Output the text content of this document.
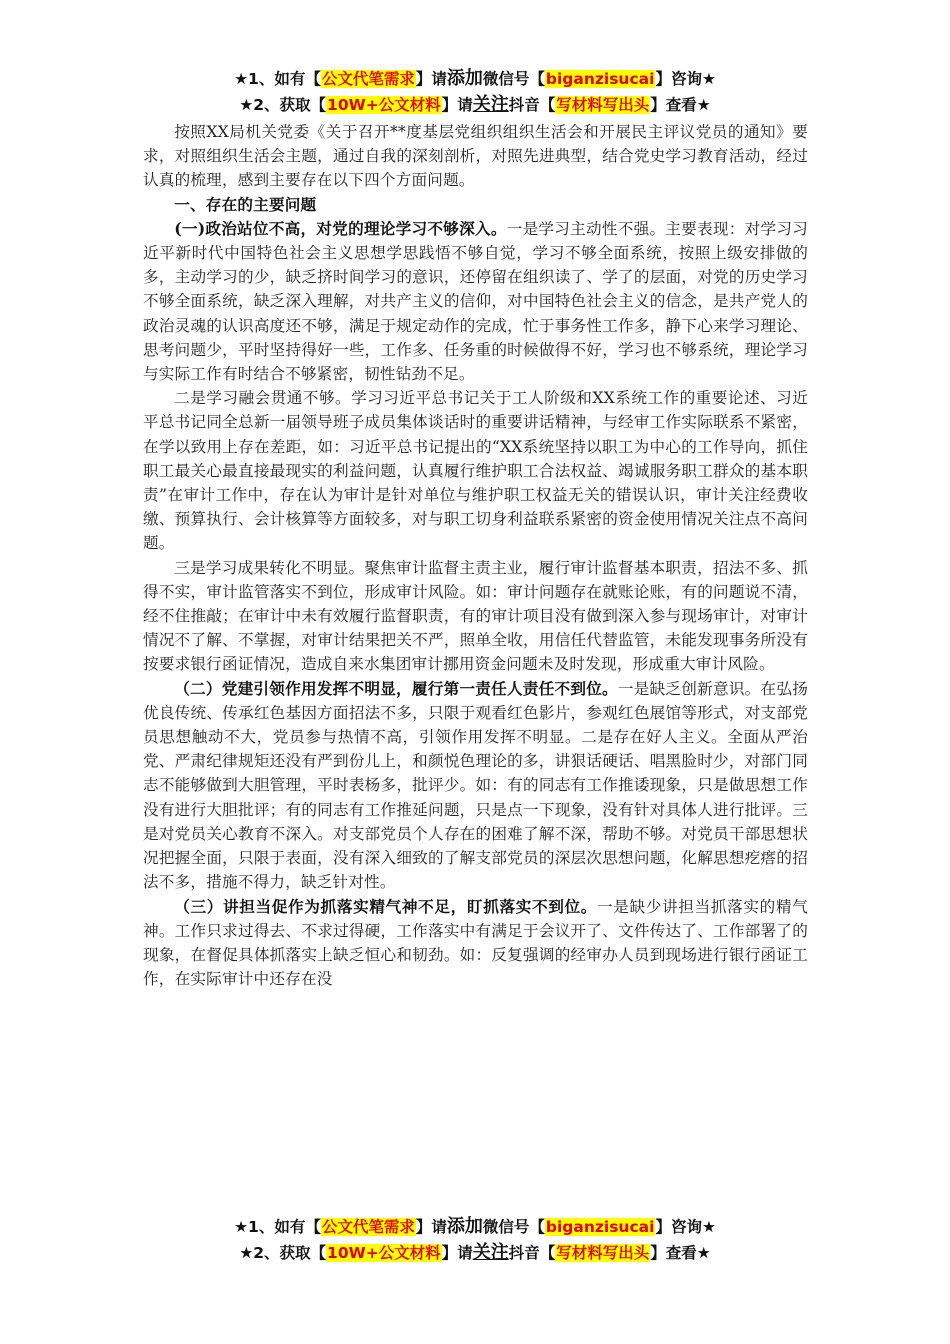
★1、如有【公文代笔需求】请添加微信号【biganzisucai】咨询★
★2、获取【10W+公文材料】请关注抖音【写材料写出头】查看★

按照XX局机关党委《关于召开**度基层党组织组织生活会和开展民主评议党员的通知》要求，对照组织生活会主题，通过自我的深刻剖析，对照先进典型，结合党史学习教育活动，经过认真的梳理，感到主要存在以下四个方面问题。

一、存在的主要问题

(一)政治站位不高，对党的理论学习不够深入。一是学习主动性不强。主要表现：对学习习近平新时代中国特色社会主义思想学思践悟不够自觉，学习不够全面系统，按照上级安排做的多，主动学习的少，缺乏挤时间学习的意识，还停留在组织读了、学了的层面，对党的历史学习不够全面系统，缺乏深入理解，对共产主义的信仰，对中国特色社会主义的信念，是共产党人的政治灵魂的认识高度还不够，满足于规定动作的完成，忙于事务性工作多，静下心来学习理论、思考问题少，平时坚持得好一些，工作多、任务重的时候做得不好，学习也不够系统，理论学习与实际工作有时结合不够紧密，韧性钻劲不足。

二是学习融会贯通不够。学习习近平总书记关于工人阶级和XX系统工作的重要论述、习近平总书记同全总新一届领导班子成员集体谈话时的重要讲话精神，与经审工作实际联系不紧密，在学以致用上存在差距，如：习近平总书记提出的“XX系统坚持以职工为中心的工作导向，抓住职工最关心最直接最现实的利益问题，认真履行维护职工合法权益、竭诚服务职工群众的基本职责”在审计工作中，存在认为审计是针对单位与维护职工权益无关的错误认识，审计关注经费收缴、预算执行、会计核算等方面较多，对与职工切身利益联系紧密的资金使用情况关注点不高问题。

三是学习成果转化不明显。聚焦审计监督主责主业，履行审计监督基本职责，招法不多、抓得不实，审计监管落实不到位，形成审计风险。如：审计问题存在就账论账，有的问题说不清，经不住推敲；在审计中未有效履行监督职责，有的审计项目没有做到深入参与现场审计，对审计情况不了解、不掌握，对审计结果把关不严，照单全收，用信任代替监管，未能发现事务所没有按要求银行函证情况，造成自来水集团审计挪用资金问题未及时发现，形成重大审计风险。

（二）党建引领作用发挥不明显，履行第一责任人责任不到位。一是缺乏创新意识。在弘扬优良传统、传承红色基因方面招法不多，只限于观看红色影片，参观红色展馆等形式，对支部党员思想触动不大，党员参与热情不高，引领作用发挥不明显。二是存在好人主义。全面从严治党、严肃纪律规矩还没有严到份儿上，和颜悦色理论的多，讲狠话硬话、唱黑脸时少，对部门同志不能够做到大胆管理，平时表杨多，批评少。如：有的同志有工作推诿现象，只是做思想工作没有进行大胆批评；有的同志有工作推延问题，只是点一下现象，没有针对具体人进行批评。三是对党员关心教育不深入。对支部党员个人存在的困难了解不深，帮助不够。对党员干部思想状况把握全面，只限于表面，没有深入细致的了解支部党员的深层次思想问题，化解思想疙瘩的招法不多，措施不得力，缺乏针对性。

（三）讲担当促作为抓落实精气神不足，盯抓落实不到位。一是缺少讲担当抓落实的精气神。工作只求过得去、不求过得硬，工作落实中有满足于会议开了、文件传达了、工作部署了的现象，在督促具体抓落实上缺乏恒心和韧劲。如：反复强调的经审办人员到现场进行银行函证工作，在实际审计中还存在没

★1、如有【公文代笔需求】请添加微信号【biganzisucai】咨询★
★2、获取【10W+公文材料】请关注抖音【写材料写出头】查看★
